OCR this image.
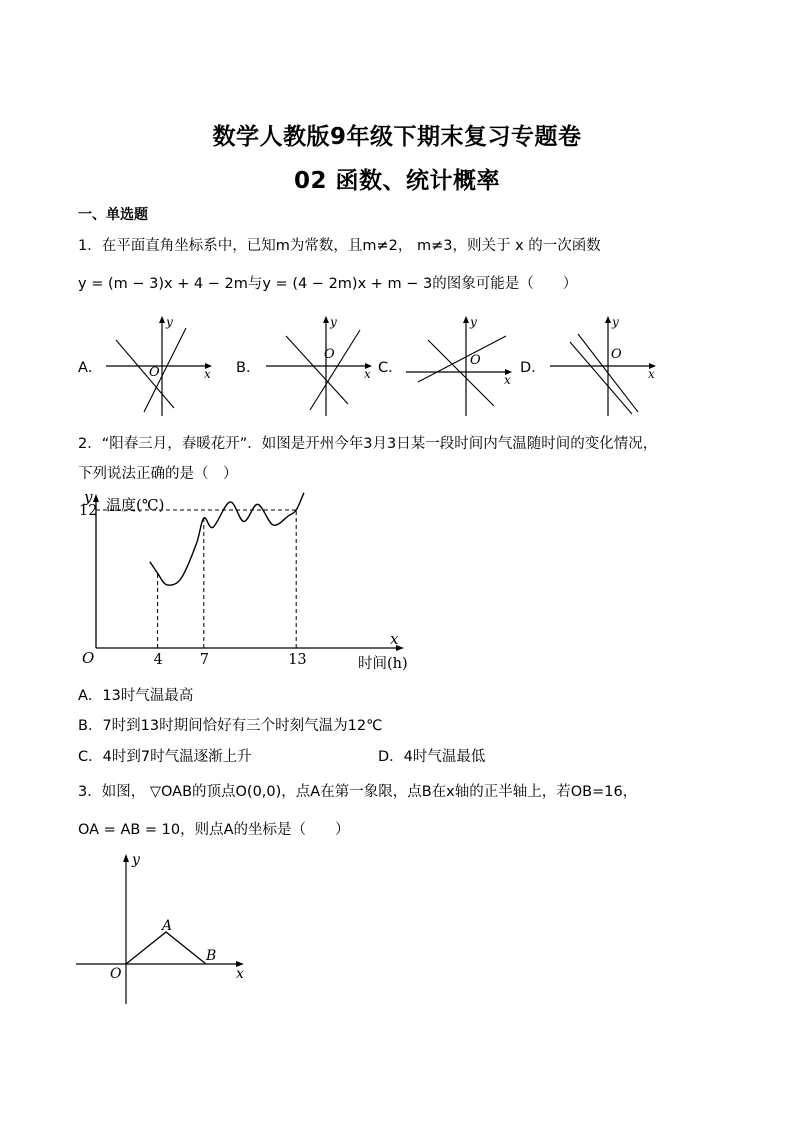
数学人教版9年级下期末复习专题卷
02 函数、统计概率
一、单选题
1．在平面直角坐标系中，已知m为常数，且m≠2， m≠3，则关于 x 的一次函数
y = (m − 3)x + 4 − 2m与y = (4 − 2m)x + m − 3的图象可能是（　　）
A．	x
y
O	B．	x
y
O
C．
x
y
O	D．	x
y
O
2．“阳春三月，春暖花开”．如图是开州今年3月3日某一段时间内气温随时间的变化情况，
下列说法正确的是（　）
4	7	13
12
y 温度(℃)
x
时间(h)
O
A．13时气温最高
B．7时到13时期间恰好有三个时刻气温为12℃
C．4时到7时气温逐渐上升	D．4时气温最低
3．如图， ▽OAB的顶点O(0,0)，点A在第一象限，点B在x轴的正半轴上，若OB=16，
OA = AB = 10，则点A的坐标是（　　）
A
B
O	x
y
